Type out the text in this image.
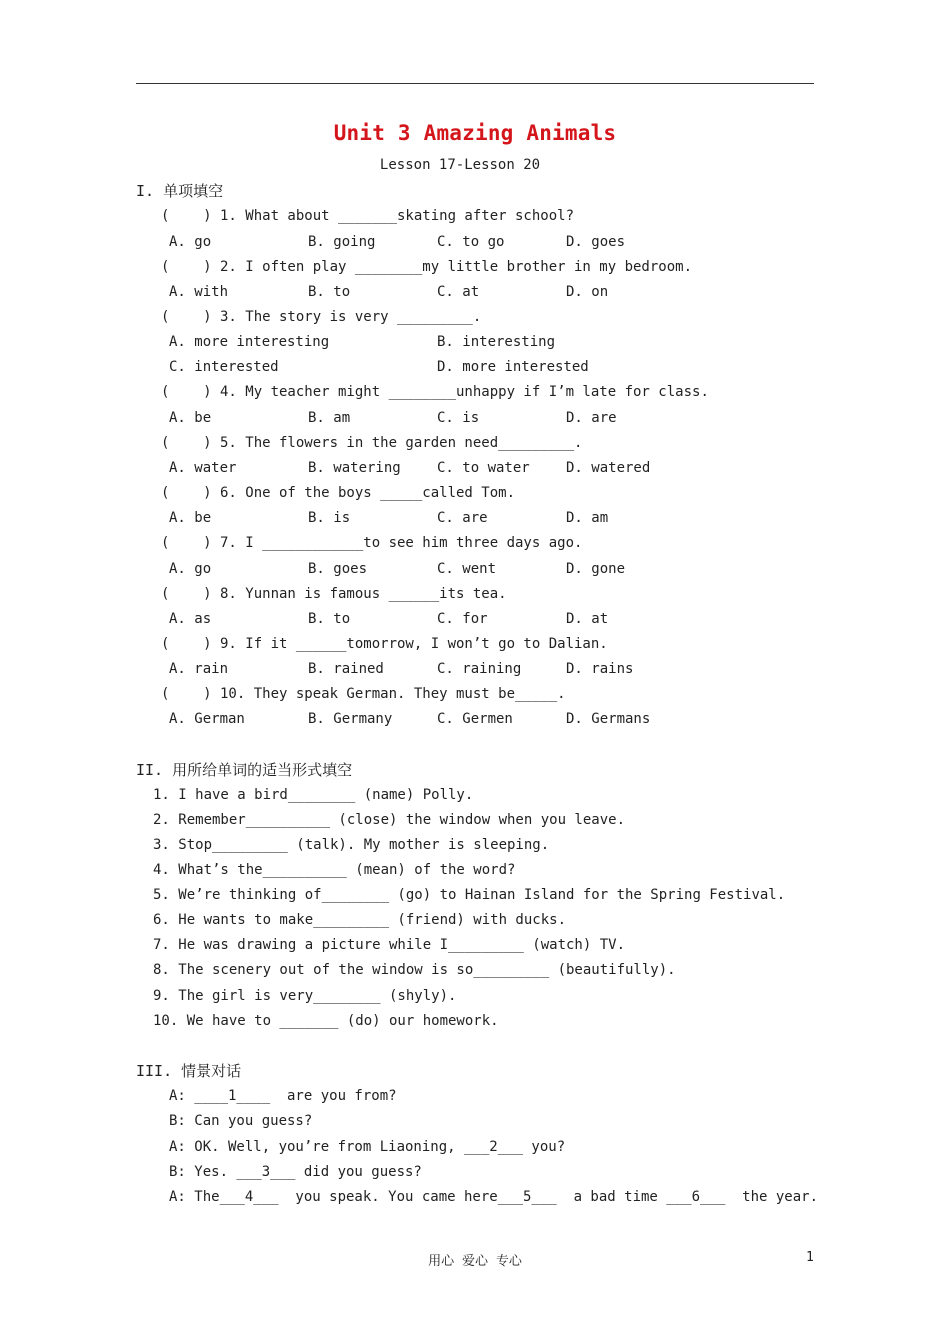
Unit 3 Amazing Animals
Lesson 17-Lesson 20
I. 单项填空
(    ) 1. What about _______skating after school?
A. go	B. going	C. to go	D. goes
(    ) 2. I often play ________my little brother in my bedroom.
A. with	B. to	C. at	D. on
(    ) 3. The story is very _________.
A. more interesting	B. interesting
C. interested	D. more interested
(    ) 4. My teacher might ________unhappy if I’m late for class.
A. be	B. am	C. is	D. are
(    ) 5. The flowers in the garden need_________.
A. water	B. watering	C. to water	D. watered
(    ) 6. One of the boys _____called Tom.
A. be	B. is	C. are	D. am
(    ) 7. I ____________to see him three days ago.
A. go	B. goes	C. went	D. gone
(    ) 8. Yunnan is famous ______its tea.
A. as	B. to	C. for	D. at
(    ) 9. If it ______tomorrow, I won’t go to Dalian.
A. rain	B. rained	C. raining	D. rains
(    ) 10. They speak German. They must be_____.
A. German	B. Germany	C. Germen	D. Germans
II. 用所给单词的适当形式填空
1. I have a bird________ (name) Polly.
2. Remember__________ (close) the window when you leave.
3. Stop_________ (talk). My mother is sleeping.
4. What’s the__________ (mean) of the word?
5. We’re thinking of________ (go) to Hainan Island for the Spring Festival.
6. He wants to make_________ (friend) with ducks.
7. He was drawing a picture while I_________ (watch) TV.
8. The scenery out of the window is so_________ (beautifully).
9. The girl is very________ (shyly).
10. We have to _______ (do) our homework.
III. 情景对话
A: ____1____  are you from?
B: Can you guess?
A: OK. Well, you’re from Liaoning, ___2___ you?
B: Yes. ___3___ did you guess?
A: The___4___  you speak. You came here___5___  a bad time ___6___  the year.
用心 爱心 专心	1
